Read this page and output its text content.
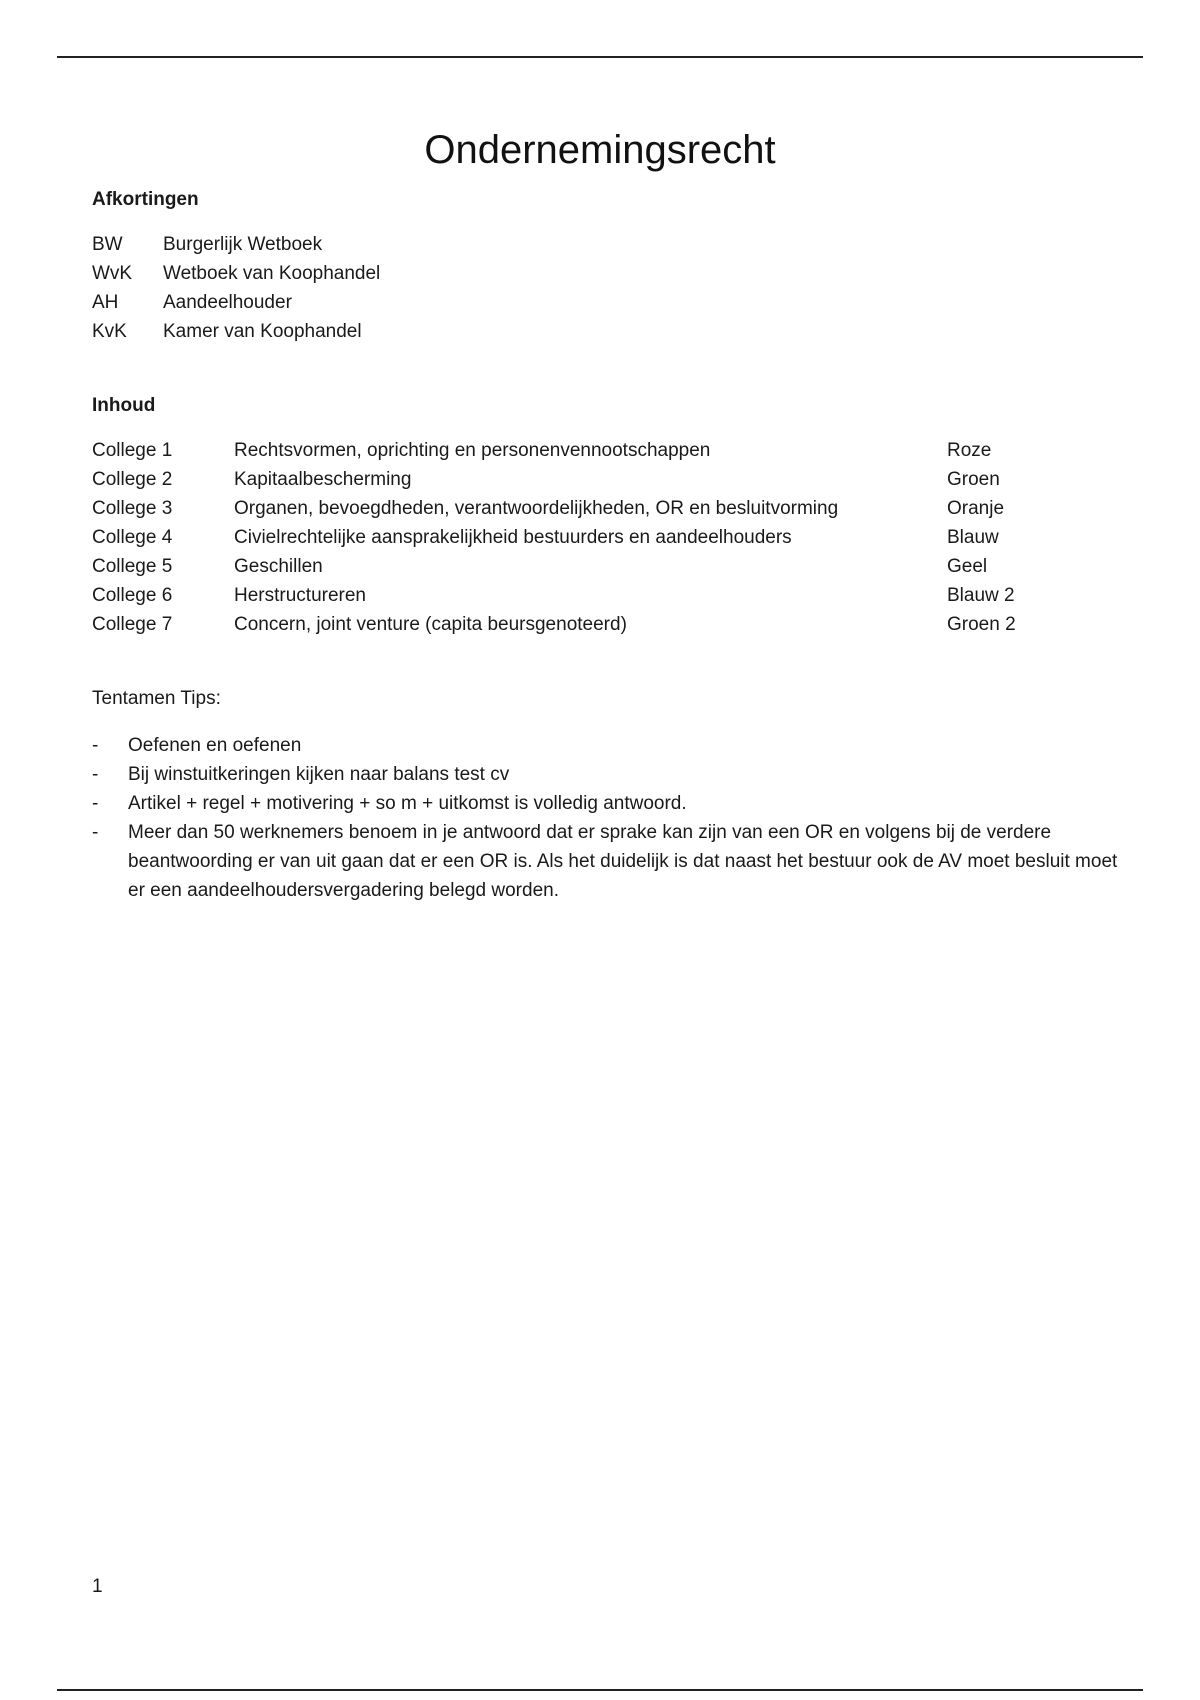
Ondernemingsrecht

Afkortingen

BW Burgerlijk Wetboek
WvK Wetboek van Koophandel
AH Aandeelhouder
KvK Kamer van Koophandel

Inhoud

College 1	Rechtsvormen, oprichting en personenvennootschappen	Roze
College 2	Kapitaalbescherming	Groen
College 3	Organen, bevoegdheden, verantwoordelijkheden, OR en besluitvorming	Oranje
College 4	Civielrechtelijke aansprakelijkheid bestuurders en aandeelhouders	Blauw
College 5	Geschillen	Geel
College 6	Herstructureren	Blauw 2
College 7	Concern, joint venture (capita beursgenoteerd)	Groen 2

Tentamen Tips:

- Oefenen en oefenen
- Bij winstuitkeringen kijken naar balans test cv
- Artikel + regel + motivering + so m + uitkomst is volledig antwoord.
- Meer dan 50 werknemers benoem in je antwoord dat er sprake kan zijn van een OR en volgens bij de verdere beantwoording er van uit gaan dat er een OR is. Als het duidelijk is dat naast het bestuur ook de AV moet besluit moet er een aandeelhoudersvergadering belegd worden.
1
